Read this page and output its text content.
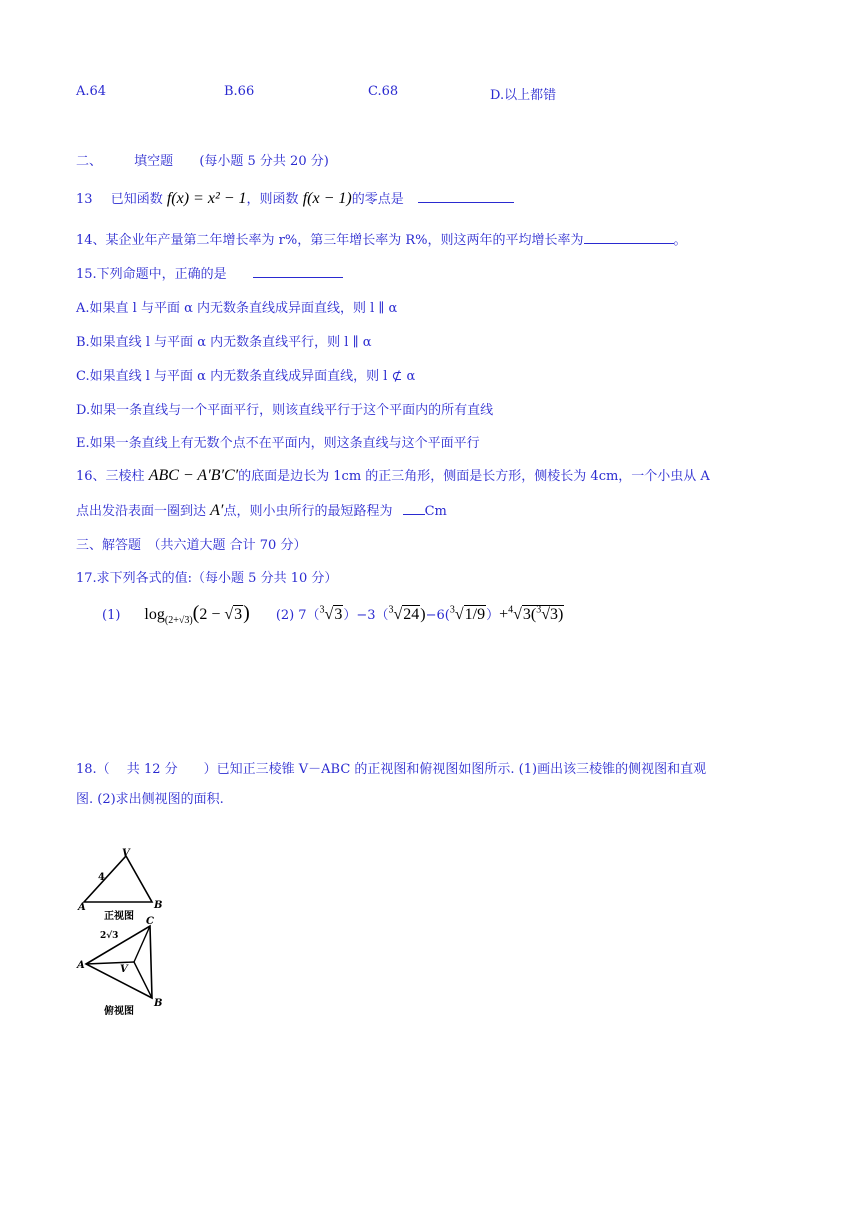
A.64	B.66	C.68	D.以上都错
二、 填空题 (每小题 5 分共 20 分)
13 已知函数 f(x) = x² − 1，则函数 f(x − 1)的零点是
14、某企业年产量第二年增长率为 r%，第三年增长率为 R%，则这两年的平均增长率为	。
15.下列命题中，正确的是
A.如果直 l 与平面 α 内无数条直线成异面直线，则 l ∥ α
B.如果直线 l 与平面 α 内无数条直线平行，则 l ∥ α
C.如果直线 l 与平面 α 内无数条直线成异面直线，则 l ⊄ α
D.如果一条直线与一个平面平行，则该直线平行于这个平面内的所有直线
E.如果一条直线上有无数个点不在平面内，则这条直线与这个平面平行
16、三棱柱 ABC − A′B′C′的底面是边长为 1cm 的正三角形，侧面是长方形，侧棱长为 4cm，一个小虫从 A
点出发沿表面一圈到达 A′点，则小虫所行的最短路程为 Cm
三、解答题　（共六道大题 合计 70 分）
17.求下列各式的值:（每小题 5 分共 10 分）
(1) $\log_{(2+√3)}(2 - √3)$ (2) 7（$^3$√3）−3（$^3$√24)−6($^3$√1/9）+$^4$√3($^3$√3)
18.（　 共 12 分　　）已知正三棱锥 V－ABC 的正视图和俯视图如图所示. (1)画出该三棱锥的侧视图和直观
图. (2)求出侧视图的面积.
V
4
A	B
正视图 C
2√3
A	V
B
俯视图
